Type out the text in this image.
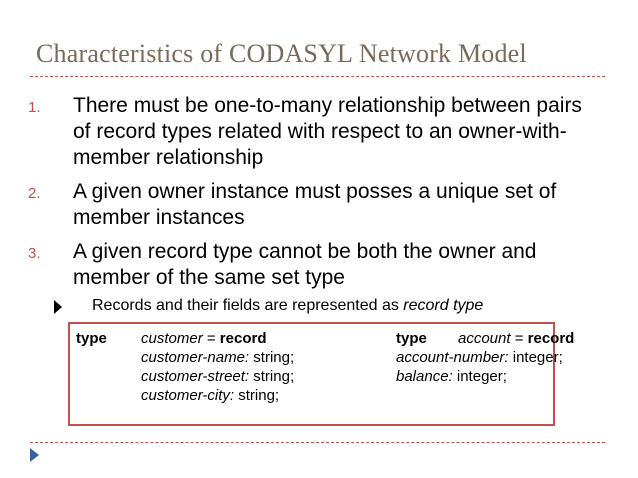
Characteristics of CODASYL Network Model
1. There must be one-to-many relationship between pairs of record types related with respect to an owner-with-member relationship
2. A given owner instance must posses a unique set of member instances
3. A given record type cannot be both the owner and member of the same set type
Records and their fields are represented as record type
type customer = record
customer-name: string;
customer-street: string;
customer-city: string;
type account = record
account-number: integer;
balance: integer;
